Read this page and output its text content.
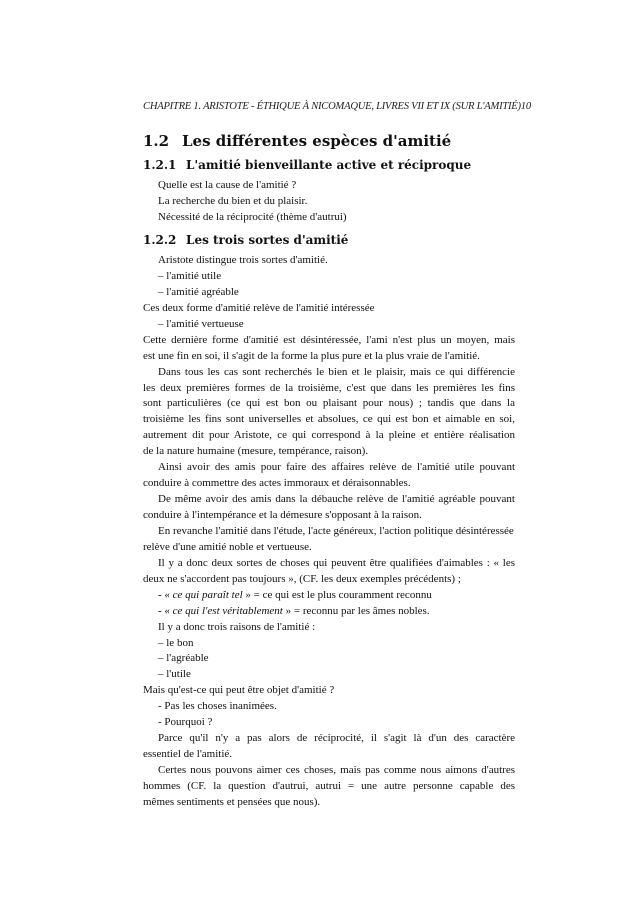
CHAPITRE 1. ARISTOTE - ÉTHIQUE À NICOMAQUE, LIVRES VII ET IX (SUR L'AMITIÉ)10
1.2 Les différentes espèces d'amitié
1.2.1 L'amitié bienveillante active et réciproque
Quelle est la cause de l'amitié ?
La recherche du bien et du plaisir.
Nécessité de la réciprocité (thème d'autrui)
1.2.2 Les trois sortes d'amitié
Aristote distingue trois sortes d'amitié.
– l'amitié utile
– l'amitié agréable
Ces deux forme d'amitié relève de l'amitié intéressée
– l'amitié vertueuse
Cette dernière forme d'amitié est désintéressée, l'ami n'est plus un moyen, mais
est une fin en soi, il s'agit de la forme la plus pure et la plus vraie de l'amitié.
Dans tous les cas sont recherchés le bien et le plaisir, mais ce qui différencie
les deux premières formes de la troisième, c'est que dans les premières les fins
sont particulières (ce qui est bon ou plaisant pour nous) ; tandis que dans la
troisième les fins sont universelles et absolues, ce qui est bon et aimable en soi,
autrement dit pour Aristote, ce qui correspond à la pleine et entière réalisation
de la nature humaine (mesure, tempérance, raison).
Ainsi avoir des amis pour faire des affaires relève de l'amitié utile pouvant
conduire à commettre des actes immoraux et déraisonnables.
De même avoir des amis dans la débauche relève de l'amitié agréable pouvant
conduire à l'intempérance et la démesure s'opposant à la raison.
En revanche l'amitié dans l'étude, l'acte généreux, l'action politique désintéressée
relève d'une amitié noble et vertueuse.
Il y a donc deux sortes de choses qui peuvent être qualifiées d'aimables : « les
deux ne s'accordent pas toujours », (CF. les deux exemples précédents) ;
- « ce qui paraît tel » = ce qui est le plus couramment reconnu
- « ce qui l'est véritablement » = reconnu par les âmes nobles.
Il y a donc trois raisons de l'amitié :
– le bon
– l'agréable
– l'utile
Mais qu'est-ce qui peut être objet d'amitié ?
- Pas les choses inanimées.
- Pourquoi ?
Parce qu'il n'y a pas alors de réciprocité, il s'agit là d'un des caractère
essentiel de l'amitié.
Certes nous pouvons aimer ces choses, mais pas comme nous aimons d'autres
hommes (CF. la question d'autrui, autrui = une autre personne capable des
mêmes sentiments et pensées que nous).
